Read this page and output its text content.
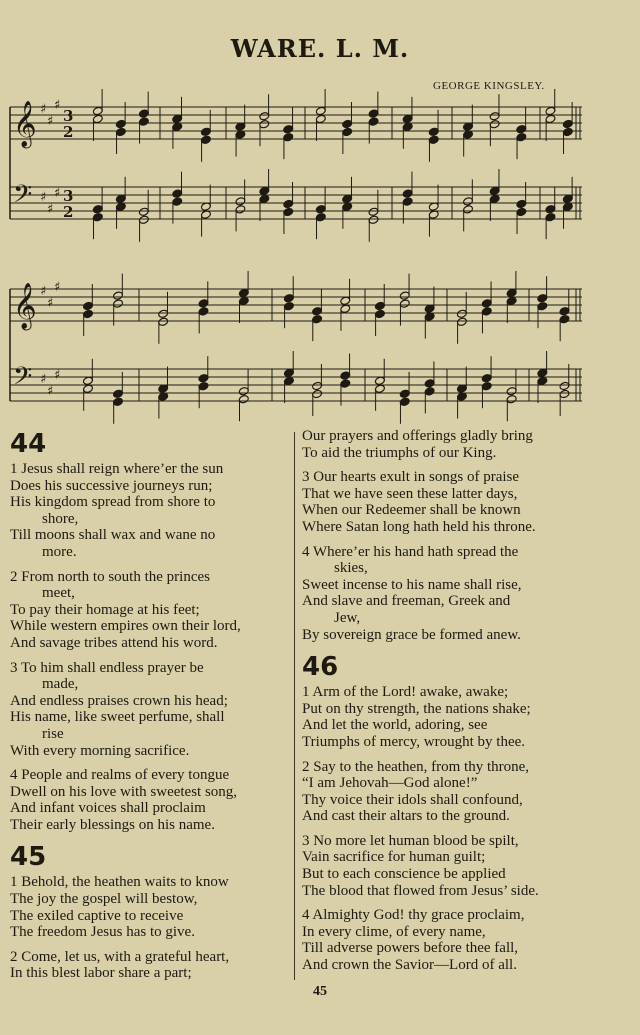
WARE. L. M.
GEORGE KINGSLEY.
𝄞 ♯
♯
♯
3
2
𝄢 ♯
♯
♯ 3
2
𝄞 ♯
♯
♯
𝄢 ♯
♯
♯
44
1 Jesus shall reign where’er the sun
Does his successive journeys run;
His kingdom spread from shore to
shore,
Till moons shall wax and wane no
more.
2 From north to south the princes
meet,
To pay their homage at his feet;
While western empires own their lord,
And savage tribes attend his word.
3 To him shall endless prayer be
made,
And endless praises crown his head;
His name, like sweet perfume, shall
rise
With every morning sacrifice.
4 People and realms of every tongue
Dwell on his love with sweetest song,
And infant voices shall proclaim
Their early blessings on his name.
45
1 Behold, the heathen waits to know
The joy the gospel will bestow,
The exiled captive to receive
The freedom Jesus has to give.
2 Come, let us, with a grateful heart,
In this blest labor share a part;
Our prayers and offerings gladly bring
To aid the triumphs of our King.
3 Our hearts exult in songs of praise
That we have seen these latter days,
When our Redeemer shall be known
Where Satan long hath held his throne.
4 Where’er his hand hath spread the
skies,
Sweet incense to his name shall rise,
And slave and freeman, Greek and
Jew,
By sovereign grace be formed anew.
46
1 Arm of the Lord! awake, awake;
Put on thy strength, the nations shake;
And let the world, adoring, see
Triumphs of mercy, wrought by thee.
2 Say to the heathen, from thy throne,
“I am Jehovah—God alone!”
Thy voice their idols shall confound,
And cast their altars to the ground.
3 No more let human blood be spilt,
Vain sacrifice for human guilt;
But to each conscience be applied
The blood that flowed from Jesus’ side.
4 Almighty God! thy grace proclaim,
In every clime, of every name,
Till adverse powers before thee fall,
And crown the Savior—Lord of all.
45
